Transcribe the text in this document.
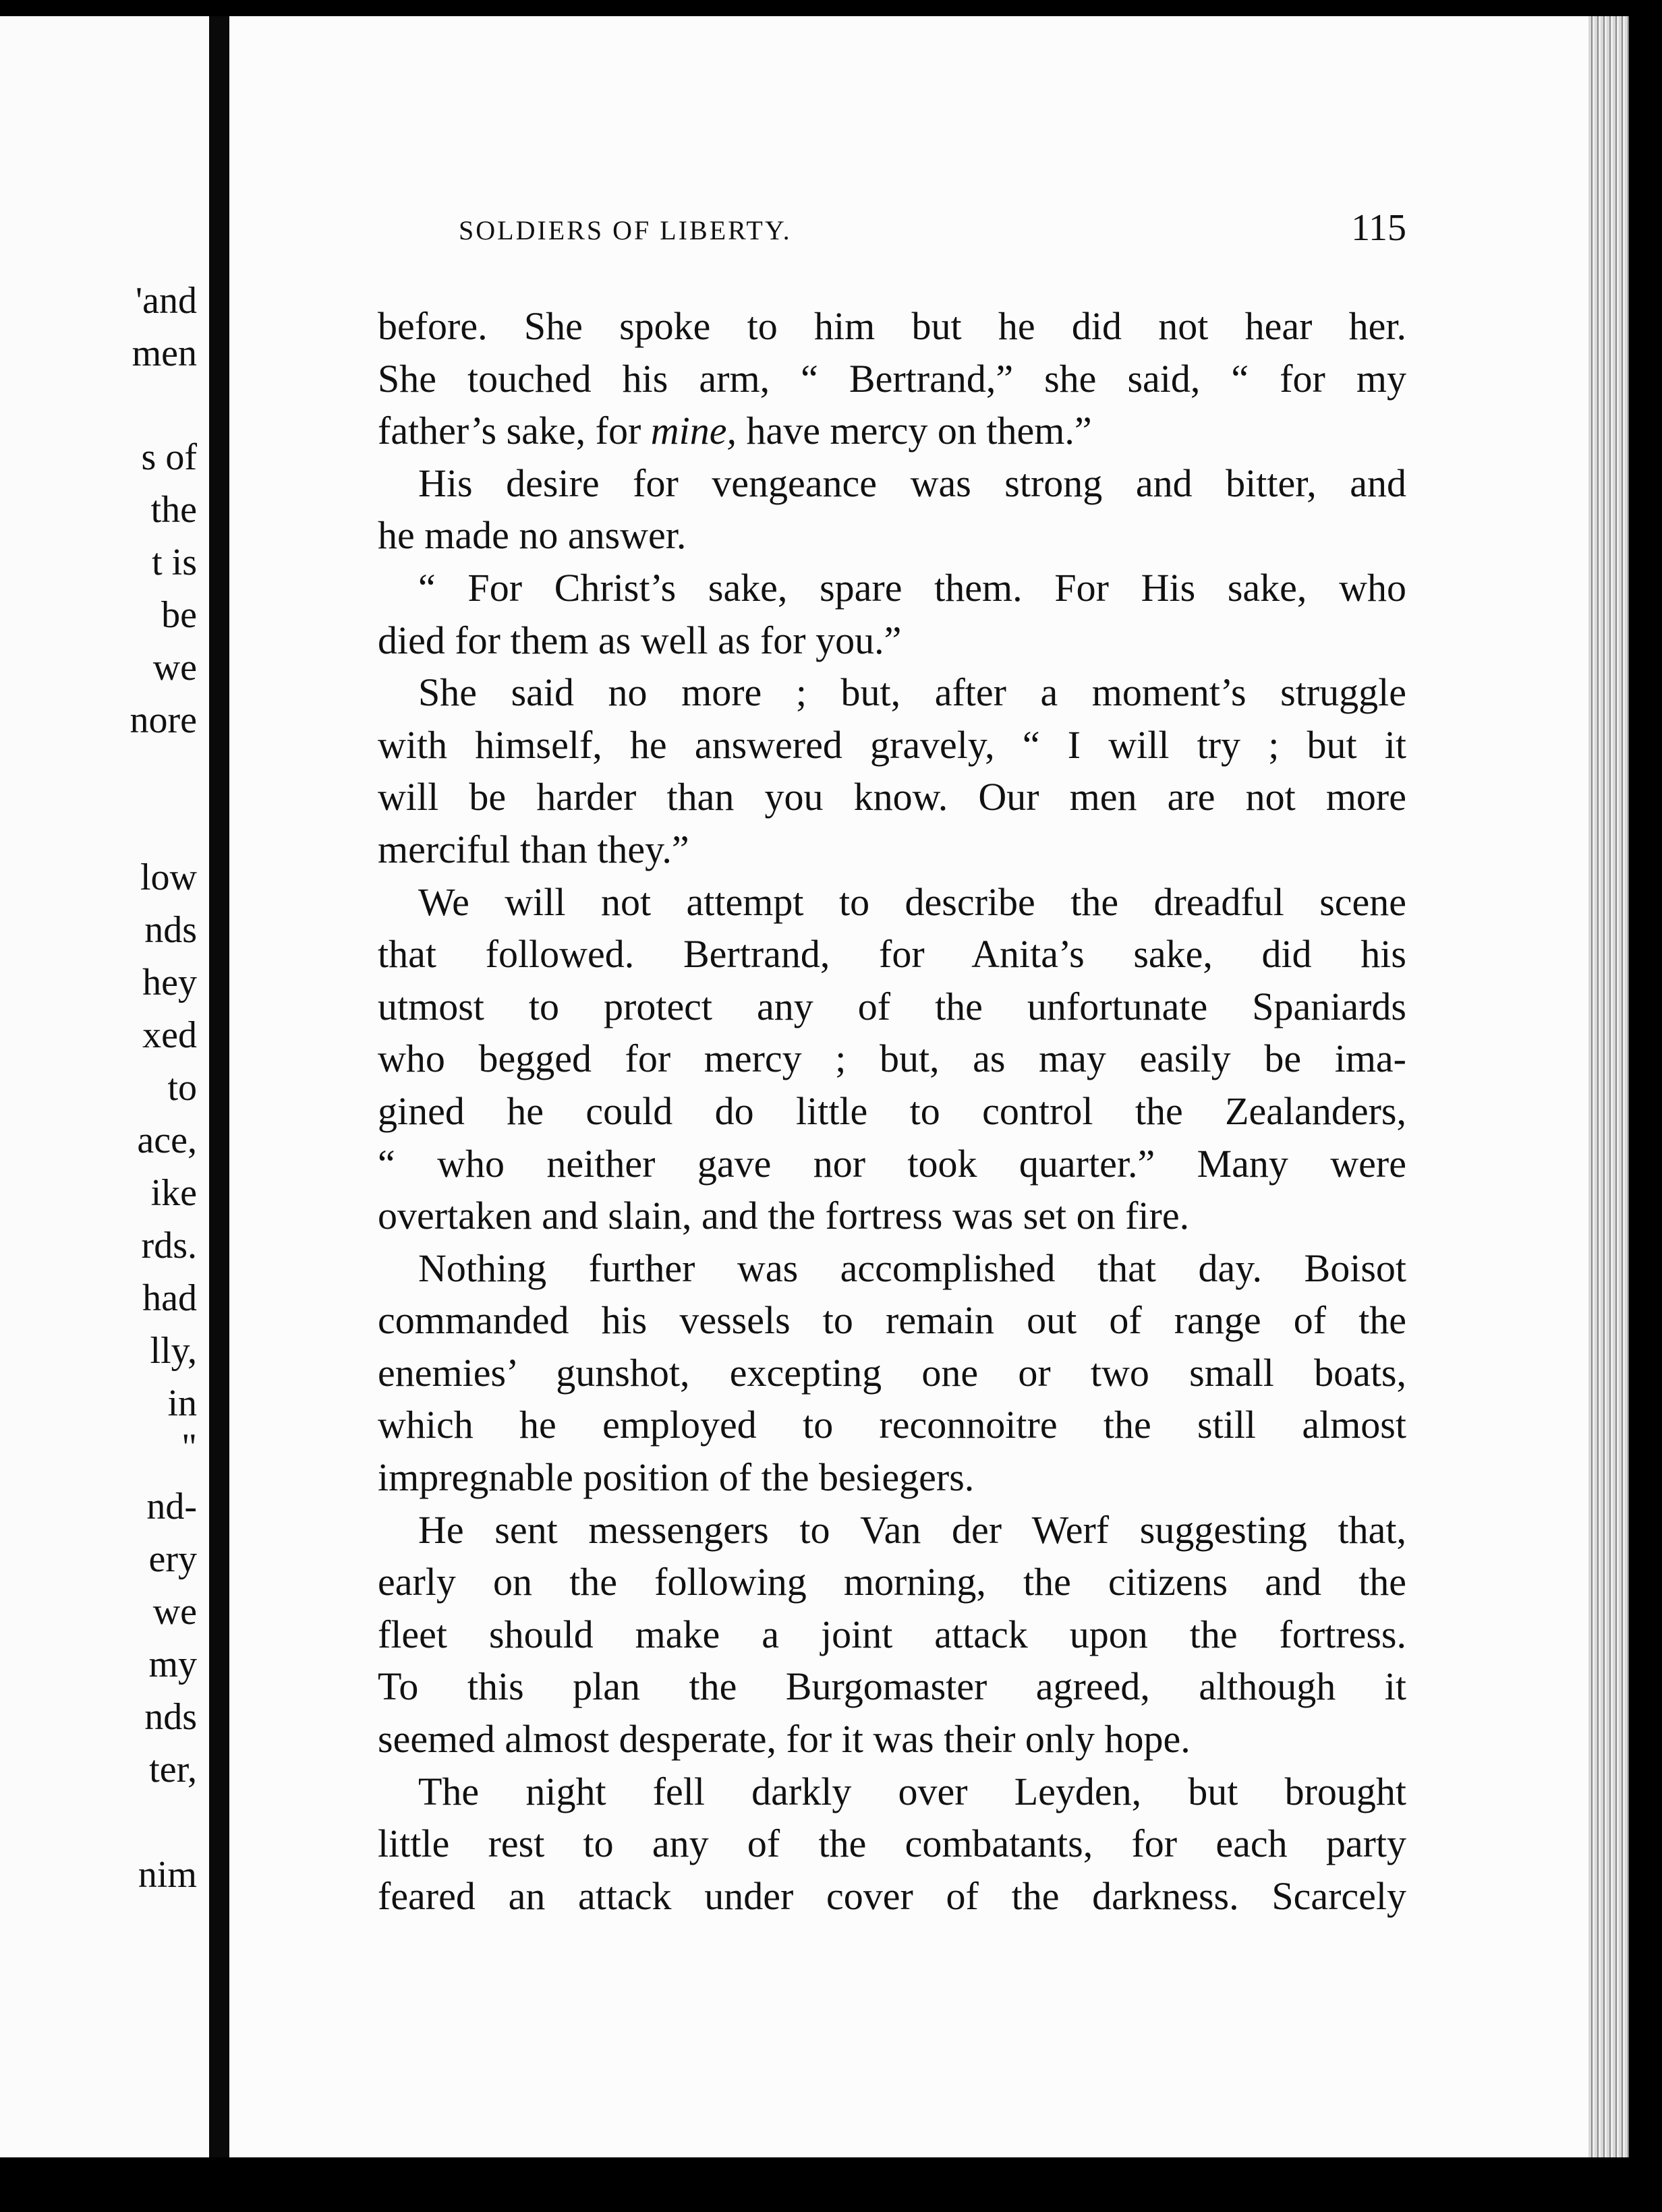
'and
men
s of
the
t is
be
we
nore
low
nds
hey
xed
to
ace,
ike
rds.
had
lly,
in
"
nd-
ery
we
my
nds
ter,
nim
SOLDIERS OF LIBERTY.	115
before. She spoke to him but he did not hear her.
She touched his arm, “ Bertrand,” she said, “ for my
father’s sake, for mine, have mercy on them.”
His desire for vengeance was strong and bitter, and
he made no answer.
“ For Christ’s sake, spare them. For His sake, who
died for them as well as for you.”
She said no more ; but, after a moment’s struggle
with himself, he answered gravely, “ I will try ; but it
will be harder than you know. Our men are not more
merciful than they.”
We will not attempt to describe the dreadful scene
that followed. Bertrand, for Anita’s sake, did his
utmost to protect any of the unfortunate Spaniards
who begged for mercy ; but, as may easily be ima-
gined he could do little to control the Zealanders,
“ who neither gave nor took quarter.” Many were
overtaken and slain, and the fortress was set on fire.
Nothing further was accomplished that day. Boisot
commanded his vessels to remain out of range of the
enemies’ gunshot, excepting one or two small boats,
which he employed to reconnoitre the still almost
impregnable position of the besiegers.
He sent messengers to Van der Werf suggesting that,
early on the following morning, the citizens and the
fleet should make a joint attack upon the fortress.
To this plan the Burgomaster agreed, although it
seemed almost desperate, for it was their only hope.
The night fell darkly over Leyden, but brought
little rest to any of the combatants, for each party
feared an attack under cover of the darkness. Scarcely
